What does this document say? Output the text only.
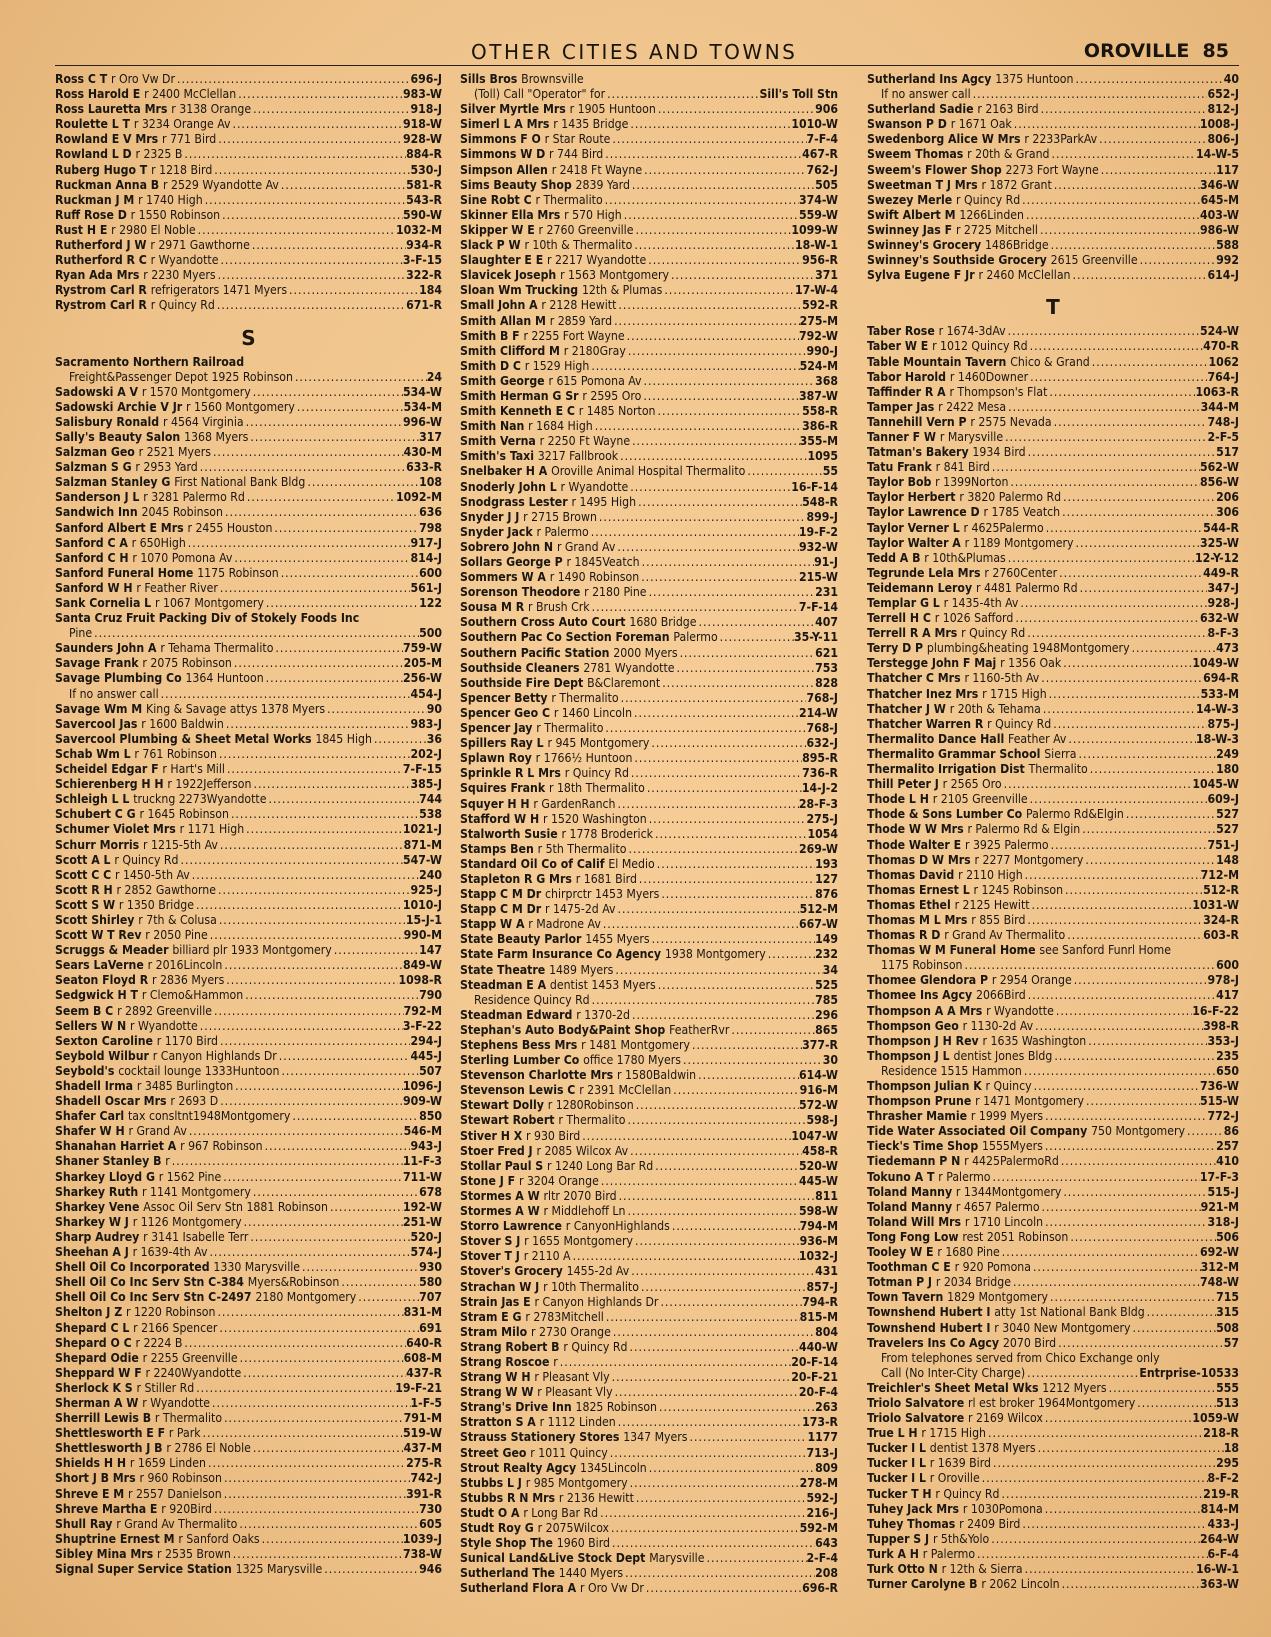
OTHER CITIES AND TOWNS	OROVILLE 85
Ross C T r Oro Vw Dr .....	696-J
Ross Harold E r 2400 McClellan .....	983-W
Ross Lauretta Mrs r 3138 Orange .....	918-J
Roulette L T r 3234 Orange Av .....	918-W
Rowland E V Mrs r 771 Bird .....	928-W
Rowland L D r 2325 B .....	884-R
Ruberg Hugo T r 1218 Bird .....	530-J
Ruckman Anna B r 2529 Wyandotte Av .....	581-R
Ruckman J M r 1740 High .....	543-R
Ruff Rose D r 1550 Robinson .....	590-W
Rust H E r 2980 El Noble .....	1032-M
Rutherford J W r 2971 Gawthorne .....	934-R
Rutherford R C r Wyandotte .....	3-F-15
Ryan Ada Mrs r 2230 Myers .....	322-R
Rystrom Carl R refrigerators 1471 Myers .....	184
Rystrom Carl R r Quincy Rd .....	671-R
S
Sacramento Northern Railroad
Freight&Passenger Depot 1925 Robinson .....	24
Sadowski A V r 1570 Montgomery .....	534-W
Sadowski Archie V Jr r 1560 Montgomery .....	534-M
Salisbury Ronald r 4564 Virginia .....	996-W
Sally's Beauty Salon 1368 Myers .....	317
Salzman Geo r 2521 Myers .....	430-M
Salzman S G r 2953 Yard .....	633-R
Salzman Stanley G First National Bank Bldg .....	108
Sanderson J L r 3281 Palermo Rd .....	1092-M
Sandwich Inn 2045 Robinson .....	636
Sanford Albert E Mrs r 2455 Houston .....	798
Sanford C A r 650High .....	917-J
Sanford C H r 1070 Pomona Av .....	814-J
Sanford Funeral Home 1175 Robinson .....	600
Sanford W H r Feather River .....	561-J
Sank Cornelia L r 1067 Montgomery .....	122
Santa Cruz Fruit Packing Div of Stokely Foods Inc
Pine .....	500
Saunders John A r Tehama Thermalito .....	759-W
Savage Frank r 2075 Robinson .....	205-M
Savage Plumbing Co 1364 Huntoon .....	256-W
If no answer call .....	454-J
Savage Wm M King & Savage attys 1378 Myers .....	90
Savercool Jas r 1600 Baldwin .....	983-J
Savercool Plumbing & Sheet Metal Works 1845 High .....	36
Schab Wm L r 761 Robinson .....	202-J
Scheidel Edgar F r Hart's Mill .....	7-F-15
Schierenberg H H r 1922Jefferson .....	385-J
Schleigh L L truckng 2273Wyandotte .....	744
Schubert C G r 1645 Robinson .....	538
Schumer Violet Mrs r 1171 High .....	1021-J
Schurr Morris r 1215-5th Av .....	871-M
Scott A L r Quincy Rd .....	547-W
Scott C C r 1450-5th Av .....	240
Scott R H r 2852 Gawthorne .....	925-J
Scott S W r 1350 Bridge .....	1010-J
Scott Shirley r 7th & Colusa .....	15-J-1
Scott W T Rev r 2050 Pine .....	990-M
Scruggs & Meader billiard plr 1933 Montgomery .....	147
Sears LaVerne r 2016Lincoln .....	849-W
Seaton Floyd R r 2836 Myers .....	1098-R
Sedgwick H T r Clemo&Hammon .....	790
Seem B C r 2892 Greenville .....	792-M
Sellers W N r Wyandotte .....	3-F-22
Sexton Caroline r 1170 Bird .....	294-J
Seybold Wilbur r Canyon Highlands Dr .....	445-J
Seybold's cocktail lounge 1333Huntoon .....	507
Shadell Irma r 3485 Burlington .....	1096-J
Shadell Oscar Mrs r 2693 D .....	909-W
Shafer Carl tax consltnt1948Montgomery .....	850
Shafer W H r Grand Av .....	546-M
Shanahan Harriet A r 967 Robinson .....	943-J
Shaner Stanley B r .....	11-F-3
Sharkey Lloyd G r 1562 Pine .....	711-W
Sharkey Ruth r 1141 Montgomery .....	678
Sharkey Vene Assoc Oil Serv Stn 1881 Robinson .....	192-W
Sharkey W J r 1126 Montgomery .....	251-W
Sharp Audrey r 3141 Isabelle Terr .....	520-J
Sheehan A J r 1639-4th Av .....	574-J
Shell Oil Co Incorporated 1330 Marysville .....	930
Shell Oil Co Inc Serv Stn C-384 Myers&Robinson .....	580
Shell Oil Co Inc Serv Stn C-2497 2180 Montgomery .....	707
Shelton J Z r 1220 Robinson .....	831-M
Shepard C L r 2166 Spencer .....	691
Shepard O C r 2224 B .....	640-R
Shepard Odie r 2255 Greenville .....	608-M
Sheppard W F r 2240Wyandotte .....	437-R
Sherlock K S r Stiller Rd .....	19-F-21
Sherman A W r Wyandotte .....	1-F-5
Sherrill Lewis B r Thermalito .....	791-M
Shettlesworth E F r Park .....	519-W
Shettlesworth J B r 2786 El Noble .....	437-M
Shields H H r 1659 Linden .....	275-R
Short J B Mrs r 960 Robinson .....	742-J
Shreve E M r 2557 Danielson .....	391-R
Shreve Martha E r 920Bird .....	730
Shull Ray r Grand Av Thermalito .....	605
Shuptrine Ernest M r Sanford Oaks .....	1039-J
Sibley Mina Mrs r 2535 Brown .....	738-W
Signal Super Service Station 1325 Marysville .....	946
Sills Bros Brownsville
(Toll) Call "Operator" for .....	Sill's Toll Stn
Silver Myrtle Mrs r 1905 Huntoon .....	906
Simerl L A Mrs r 1435 Bridge .....	1010-W
Simmons F O r Star Route .....	7-F-4
Simmons W D r 744 Bird .....	467-R
Simpson Allen r 2418 Ft Wayne .....	762-J
Sims Beauty Shop 2839 Yard .....	505
Sine Robt C r Thermalito .....	374-W
Skinner Ella Mrs r 570 High .....	559-W
Skipper W E r 2760 Greenville .....	1099-W
Slack P W r 10th & Thermalito .....	18-W-1
Slaughter E E r 2217 Wyandotte .....	956-R
Slavicek Joseph r 1563 Montgomery .....	371
Sloan Wm Trucking 12th & Plumas .....	17-W-4
Small John A r 2128 Hewitt .....	592-R
Smith Allan M r 2859 Yard .....	275-M
Smith B F r 2255 Fort Wayne .....	792-W
Smith Clifford M r 2180Gray .....	990-J
Smith D C r 1529 High .....	524-M
Smith George r 615 Pomona Av .....	368
Smith Herman G Sr r 2595 Oro .....	387-W
Smith Kenneth E C r 1485 Norton .....	558-R
Smith Nan r 1684 High .....	386-R
Smith Verna r 2250 Ft Wayne .....	355-M
Smith's Taxi 3217 Fallbrook .....	1095
Snelbaker H A Oroville Animal Hospital Thermalito .....	55
Snoderly John L r Wyandotte .....	16-F-14
Snodgrass Lester r 1495 High .....	548-R
Snyder J J r 2715 Brown .....	899-J
Snyder Jack r Palermo .....	19-F-2
Sobrero John N r Grand Av .....	932-W
Sollars George P r 1845Veatch .....	91-J
Sommers W A r 1490 Robinson .....	215-W
Sorenson Theodore r 2180 Pine .....	231
Sousa M R r Brush Crk .....	7-F-14
Southern Cross Auto Court 1680 Bridge .....	407
Southern Pac Co Section Foreman Palermo .....	35-Y-11
Southern Pacific Station 2000 Myers .....	621
Southside Cleaners 2781 Wyandotte .....	753
Southside Fire Dept B&Claremont .....	828
Spencer Betty r Thermalito .....	768-J
Spencer Geo C r 1460 Lincoln .....	214-W
Spencer Jay r Thermalito .....	768-J
Spillers Ray L r 945 Montgomery .....	632-J
Splawn Roy r 1766½ Huntoon .....	895-R
Sprinkle R L Mrs r Quincy Rd .....	736-R
Squires Frank r 18th Thermalito .....	14-J-2
Squyer H H r GardenRanch .....	28-F-3
Stafford W H r 1520 Washington .....	275-J
Stalworth Susie r 1778 Broderick .....	1054
Stamps Ben r 5th Thermalito .....	269-W
Standard Oil Co of Calif El Medio .....	193
Stapleton R G Mrs r 1681 Bird .....	127
Stapp C M Dr chirprctr 1453 Myers .....	876
Stapp C M Dr r 1475-2d Av .....	512-M
Stapp W A r Madrone Av .....	667-W
State Beauty Parlor 1455 Myers .....	149
State Farm Insurance Co Agency 1938 Montgomery .....	232
State Theatre 1489 Myers .....	34
Steadman E A dentist 1453 Myers .....	525
Residence Quincy Rd .....	785
Steadman Edward r 1370-2d .....	296
Stephan's Auto Body&Paint Shop FeatherRvr .....	865
Stephens Bess Mrs r 1481 Montgomery .....	377-R
Sterling Lumber Co office 1780 Myers .....	30
Stevenson Charlotte Mrs r 1580Baldwin .....	614-W
Stevenson Lewis C r 2391 McClellan .....	916-M
Stewart Dolly r 1280Robinson .....	572-W
Stewart Robert r Thermalito .....	598-J
Stiver H X r 930 Bird .....	1047-W
Stoer Fred J r 2085 Wilcox Av .....	458-R
Stollar Paul S r 1240 Long Bar Rd .....	520-W
Stone J F r 3204 Orange .....	445-W
Stormes A W rltr 2070 Bird .....	811
Stormes A W r Middlehoff Ln .....	598-W
Storro Lawrence r CanyonHighlands .....	794-M
Stover S J r 1655 Montgomery .....	936-M
Stover T J r 2110 A .....	1032-J
Stover's Grocery 1455-2d Av .....	431
Strachan W J r 10th Thermalito .....	857-J
Strain Jas E r Canyon Highlands Dr .....	794-R
Stram E G r 2783Mitchell .....	815-M
Stram Milo r 2730 Orange .....	804
Strang Robert B r Quincy Rd .....	440-W
Strang Roscoe r .....	20-F-14
Strang W H r Pleasant Vly .....	20-F-21
Strang W W r Pleasant Vly .....	20-F-4
Strang's Drive Inn 1825 Robinson .....	263
Stratton S A r 1112 Linden .....	173-R
Strauss Stationery Stores 1347 Myers .....	1177
Street Geo r 1011 Quincy .....	713-J
Strout Realty Agcy 1345Lincoln .....	809
Stubbs L J r 985 Montgomery .....	278-M
Stubbs R N Mrs r 2136 Hewitt .....	592-J
Studt O A r Long Bar Rd .....	216-J
Studt Roy G r 2075Wilcox .....	592-M
Style Shop The 1960 Bird .....	643
Sunical Land&Live Stock Dept Marysville .....	2-F-4
Sutherland The 1440 Myers .....	208
Sutherland Flora A r Oro Vw Dr .....	696-R
Sutherland Ins Agcy 1375 Huntoon .....	40
If no answer call .....	652-J
Sutherland Sadie r 2163 Bird .....	812-J
Swanson P D r 1671 Oak .....	1008-J
Swedenborg Alice W Mrs r 2233ParkAv .....	806-J
Sweem Thomas r 20th & Grand .....	14-W-5
Sweem's Flower Shop 2273 Fort Wayne .....	117
Sweetman T J Mrs r 1872 Grant .....	346-W
Swezey Merle r Quincy Rd .....	645-M
Swift Albert M 1266Linden .....	403-W
Swinney Jas F r 2725 Mitchell .....	986-W
Swinney's Grocery 1486Bridge .....	588
Swinney's Southside Grocery 2615 Greenville .....	992
Sylva Eugene F Jr r 2460 McClellan .....	614-J
T
Taber Rose r 1674-3dAv .....	524-W
Taber W E r 1012 Quincy Rd .....	470-R
Table Mountain Tavern Chico & Grand .....	1062
Tabor Harold r 1460Downer .....	764-J
Taffinder R A r Thompson's Flat .....	1063-R
Tamper Jas r 2422 Mesa .....	344-M
Tannehill Vern P r 2575 Nevada .....	748-J
Tanner F W r Marysville .....	2-F-5
Tatman's Bakery 1934 Bird .....	517
Tatu Frank r 841 Bird .....	562-W
Taylor Bob r 1399Norton .....	856-W
Taylor Herbert r 3820 Palermo Rd .....	206
Taylor Lawrence D r 1785 Veatch .....	306
Taylor Verner L r 4625Palermo .....	544-R
Taylor Walter A r 1189 Montgomery .....	325-W
Tedd A B r 10th&Plumas .....	12-Y-12
Tegrunde Lela Mrs r 2760Center .....	449-R
Teidemann Leroy r 4481 Palermo Rd .....	347-J
Templar G L r 1435-4th Av .....	928-J
Terrell H C r 1026 Safford .....	632-W
Terrell R A Mrs r Quincy Rd .....	8-F-3
Terry D P plumbing&heating 1948Montgomery .....	473
Terstegge John F Maj r 1356 Oak .....	1049-W
Thatcher C Mrs r 1160-5th Av .....	694-R
Thatcher Inez Mrs r 1715 High .....	533-M
Thatcher J W r 20th & Tehama .....	14-W-3
Thatcher Warren R r Quincy Rd .....	875-J
Thermalito Dance Hall Feather Av .....	18-W-3
Thermalito Grammar School Sierra .....	249
Thermalito Irrigation Dist Thermalito .....	180
Thill Peter J r 2565 Oro .....	1045-W
Thode L H r 2105 Greenville .....	609-J
Thode & Sons Lumber Co Palermo Rd&Elgin .....	527
Thode W W Mrs r Palermo Rd & Elgin .....	527
Thode Walter E r 3925 Palermo .....	751-J
Thomas D W Mrs r 2277 Montgomery .....	148
Thomas David r 2110 High .....	712-M
Thomas Ernest L r 1245 Robinson .....	512-R
Thomas Ethel r 2125 Hewitt .....	1031-W
Thomas M L Mrs r 855 Bird .....	324-R
Thomas R D r Grand Av Thermalito .....	603-R
Thomas W M Funeral Home see Sanford Funrl Home
1175 Robinson .....	600
Thomee Glendora P r 2954 Orange .....	978-J
Thomee Ins Agcy 2066Bird .....	417
Thompson A A Mrs r Wyandotte .....	16-F-22
Thompson Geo r 1130-2d Av .....	398-R
Thompson J H Rev r 1635 Washington .....	353-J
Thompson J L dentist Jones Bldg .....	235
Residence 1515 Hammon .....	650
Thompson Julian K r Quincy .....	736-W
Thompson Prune r 1471 Montgomery .....	515-W
Thrasher Mamie r 1999 Myers .....	772-J
Tide Water Associated Oil Company 750 Montgomery .....	86
Tieck's Time Shop 1555Myers .....	257
Tiedemann P N r 4425PalermoRd .....	410
Tokuno A T r Palermo .....	17-F-3
Toland Manny r 1344Montgomery .....	515-J
Toland Manny r 4657 Palermo .....	921-M
Toland Will Mrs r 1710 Lincoln .....	318-J
Tong Fong Low rest 2051 Robinson .....	506
Tooley W E r 1680 Pine .....	692-W
Toothman C E r 920 Pomona .....	312-M
Totman P J r 2034 Bridge .....	748-W
Town Tavern 1829 Montgomery .....	715
Townshend Hubert I atty 1st National Bank Bldg .....	315
Townshend Hubert I r 3040 New Montgomery .....	508
Travelers Ins Co Agcy 2070 Bird .....	57
From telephones served from Chico Exchange only
Call (No Inter-City Charge) .....	Entrprise-10533
Treichler's Sheet Metal Wks 1212 Myers .....	555
Triolo Salvatore rl est broker 1964Montgomery .....	513
Triolo Salvatore r 2169 Wilcox .....	1059-W
True L H r 1715 High .....	218-R
Tucker I L dentist 1378 Myers .....	18
Tucker I L r 1639 Bird .....	295
Tucker I L r Oroville .....	8-F-2
Tucker T H r Quincy Rd .....	219-R
Tuhey Jack Mrs r 1030Pomona .....	814-M
Tuhey Thomas r 2409 Bird .....	433-J
Tupper S J r 5th&Yolo .....	264-W
Turk A H r Palermo .....	6-F-4
Turk Otto N r 12th & Sierra .....	16-W-1
Turner Carolyne B r 2062 Lincoln .....	363-W
